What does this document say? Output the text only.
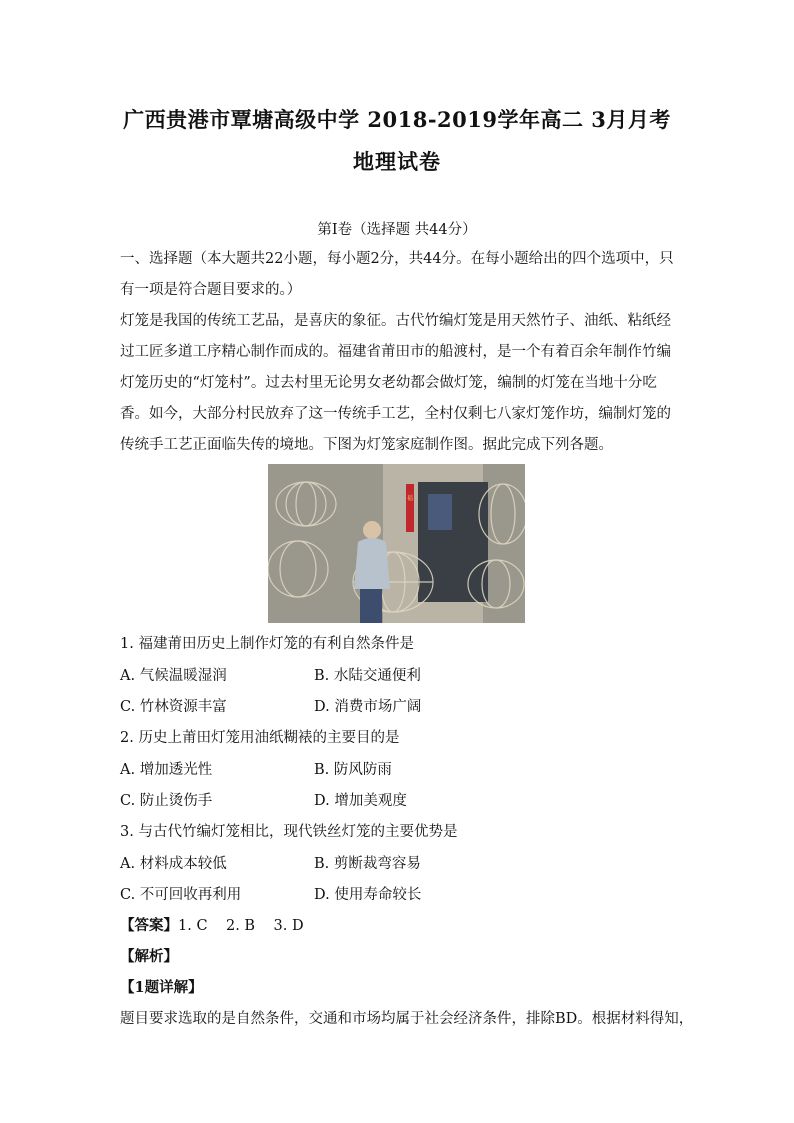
广西贵港市覃塘高级中学 2018-2019学年高二 3月月考
地理试卷
第Ⅰ卷（选择题 共44分）
一、选择题（本大题共22小题，每小题2分，共44分。在每小题给出的四个选项中，只有一项是符合题目要求的。）
灯笼是我国的传统工艺品，是喜庆的象征。古代竹编灯笼是用天然竹子、油纸、粘纸经过工匠多道工序精心制作而成的。福建省莆田市的船渡村，是一个有着百余年制作竹编灯笼历史的“灯笼村”。过去村里无论男女老幼都会做灯笼，编制的灯笼在当地十分吃香。如今，大部分村民放弃了这一传统手工艺，全村仅剩七八家灯笼作坊，编制灯笼的传统手工艺正面临失传的境地。下图为灯笼家庭制作图。据此完成下列各题。
福
1. 福建莆田历史上制作灯笼的有利自然条件是
A. 气候温暖湿润	B. 水陆交通便利
C. 竹林资源丰富	D. 消费市场广阔
2. 历史上莆田灯笼用油纸糊裱的主要目的是
A. 增加透光性	B. 防风防雨
C. 防止烫伤手	D. 增加美观度
3. 与古代竹编灯笼相比，现代铁丝灯笼的主要优势是
A. 材料成本较低	B. 剪断裁弯容易
C. 不可回收再利用	D. 使用寿命较长
【答案】1. C    2. B    3. D
【解析】
【1题详解】
题目要求选取的是自然条件，交通和市场均属于社会经济条件，排除BD。根据材料得知，
